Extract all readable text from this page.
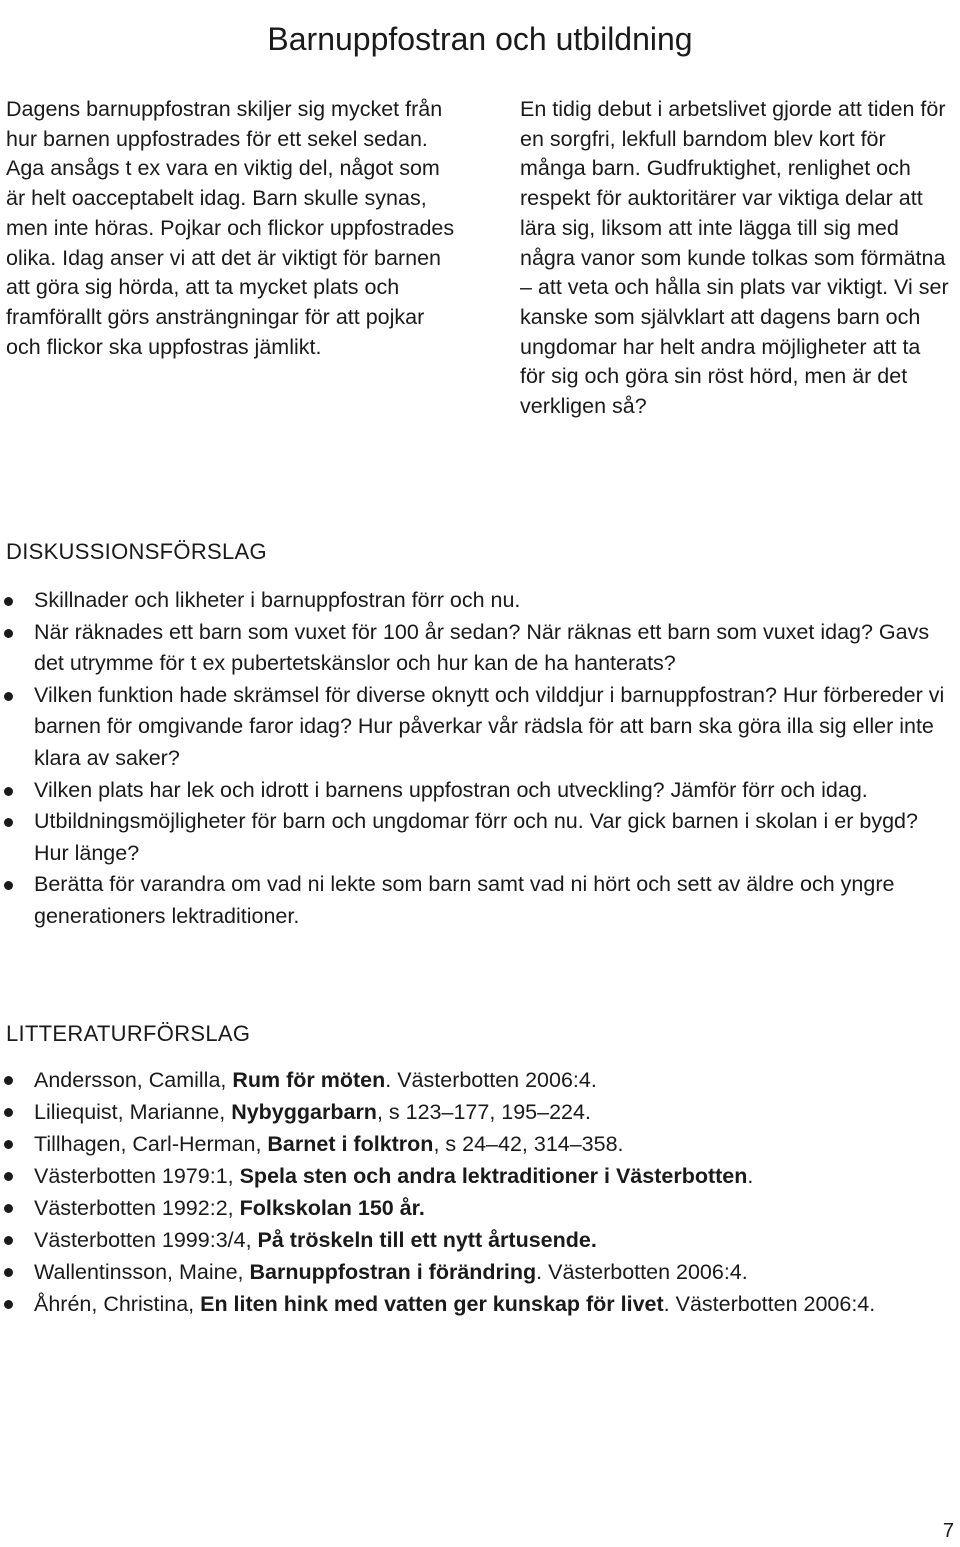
Barnuppfostran och utbildning

Dagens barnuppfostran skiljer sig mycket från hur barnen uppfostrades för ett sekel sedan. Aga ansågs t ex vara en viktig del, något som är helt oacceptabelt idag. Barn skulle synas, men inte höras. Pojkar och flickor uppfostrades olika. Idag anser vi att det är viktigt för barnen att göra sig hörda, att ta mycket plats och framförallt görs ansträngningar för att pojkar och flickor ska uppfostras jämlikt.

En tidig debut i arbetslivet gjorde att tiden för en sorgfri, lekfull barndom blev kort för många barn. Gudfruktighet, renlighet och respekt för auktoritärer var viktiga delar att lära sig, liksom att inte lägga till sig med några vanor som kunde tolkas som förmätna – att veta och hålla sin plats var viktigt. Vi ser kanske som självklart att dagens barn och ungdomar har helt andra möjligheter att ta för sig och göra sin röst hörd, men är det verkligen så?

DISKUSSIONSFÖRSLAG
Skillnader och likheter i barnuppfostran förr och nu.
När räknades ett barn som vuxet för 100 år sedan? När räknas ett barn som vuxet idag? Gavs det utrymme för t ex pubertetskänslor och hur kan de ha hanterats?
Vilken funktion hade skrämsel för diverse oknytt och vilddjur i barnuppfostran? Hur förbereder vi barnen för omgivande faror idag? Hur påverkar vår rädsla för att barn ska göra illa sig eller inte klara av saker?
Vilken plats har lek och idrott i barnens uppfostran och utveckling? Jämför förr och idag.
Utbildningsmöjligheter för barn och ungdomar förr och nu. Var gick barnen i skolan i er bygd? Hur länge?
Berätta för varandra om vad ni lekte som barn samt vad ni hört och sett av äldre och yngre generationers lektraditioner.
LITTERATURFÖRSLAG
Andersson, Camilla, Rum för möten. Västerbotten 2006:4.
Liliequist, Marianne, Nybyggarbarn, s 123–177, 195–224.
Tillhagen, Carl-Herman, Barnet i folktron, s 24–42, 314–358.
Västerbotten 1979:1, Spela sten och andra lektraditioner i Västerbotten.
Västerbotten 1992:2, Folkskolan 150 år.
Västerbotten 1999:3/4, På tröskeln till ett nytt årtusende.
Wallentinsson, Maine, Barnuppfostran i förändring. Västerbotten 2006:4.
Åhrén, Christina, En liten hink med vatten ger kunskap för livet. Västerbotten 2006:4.
7
